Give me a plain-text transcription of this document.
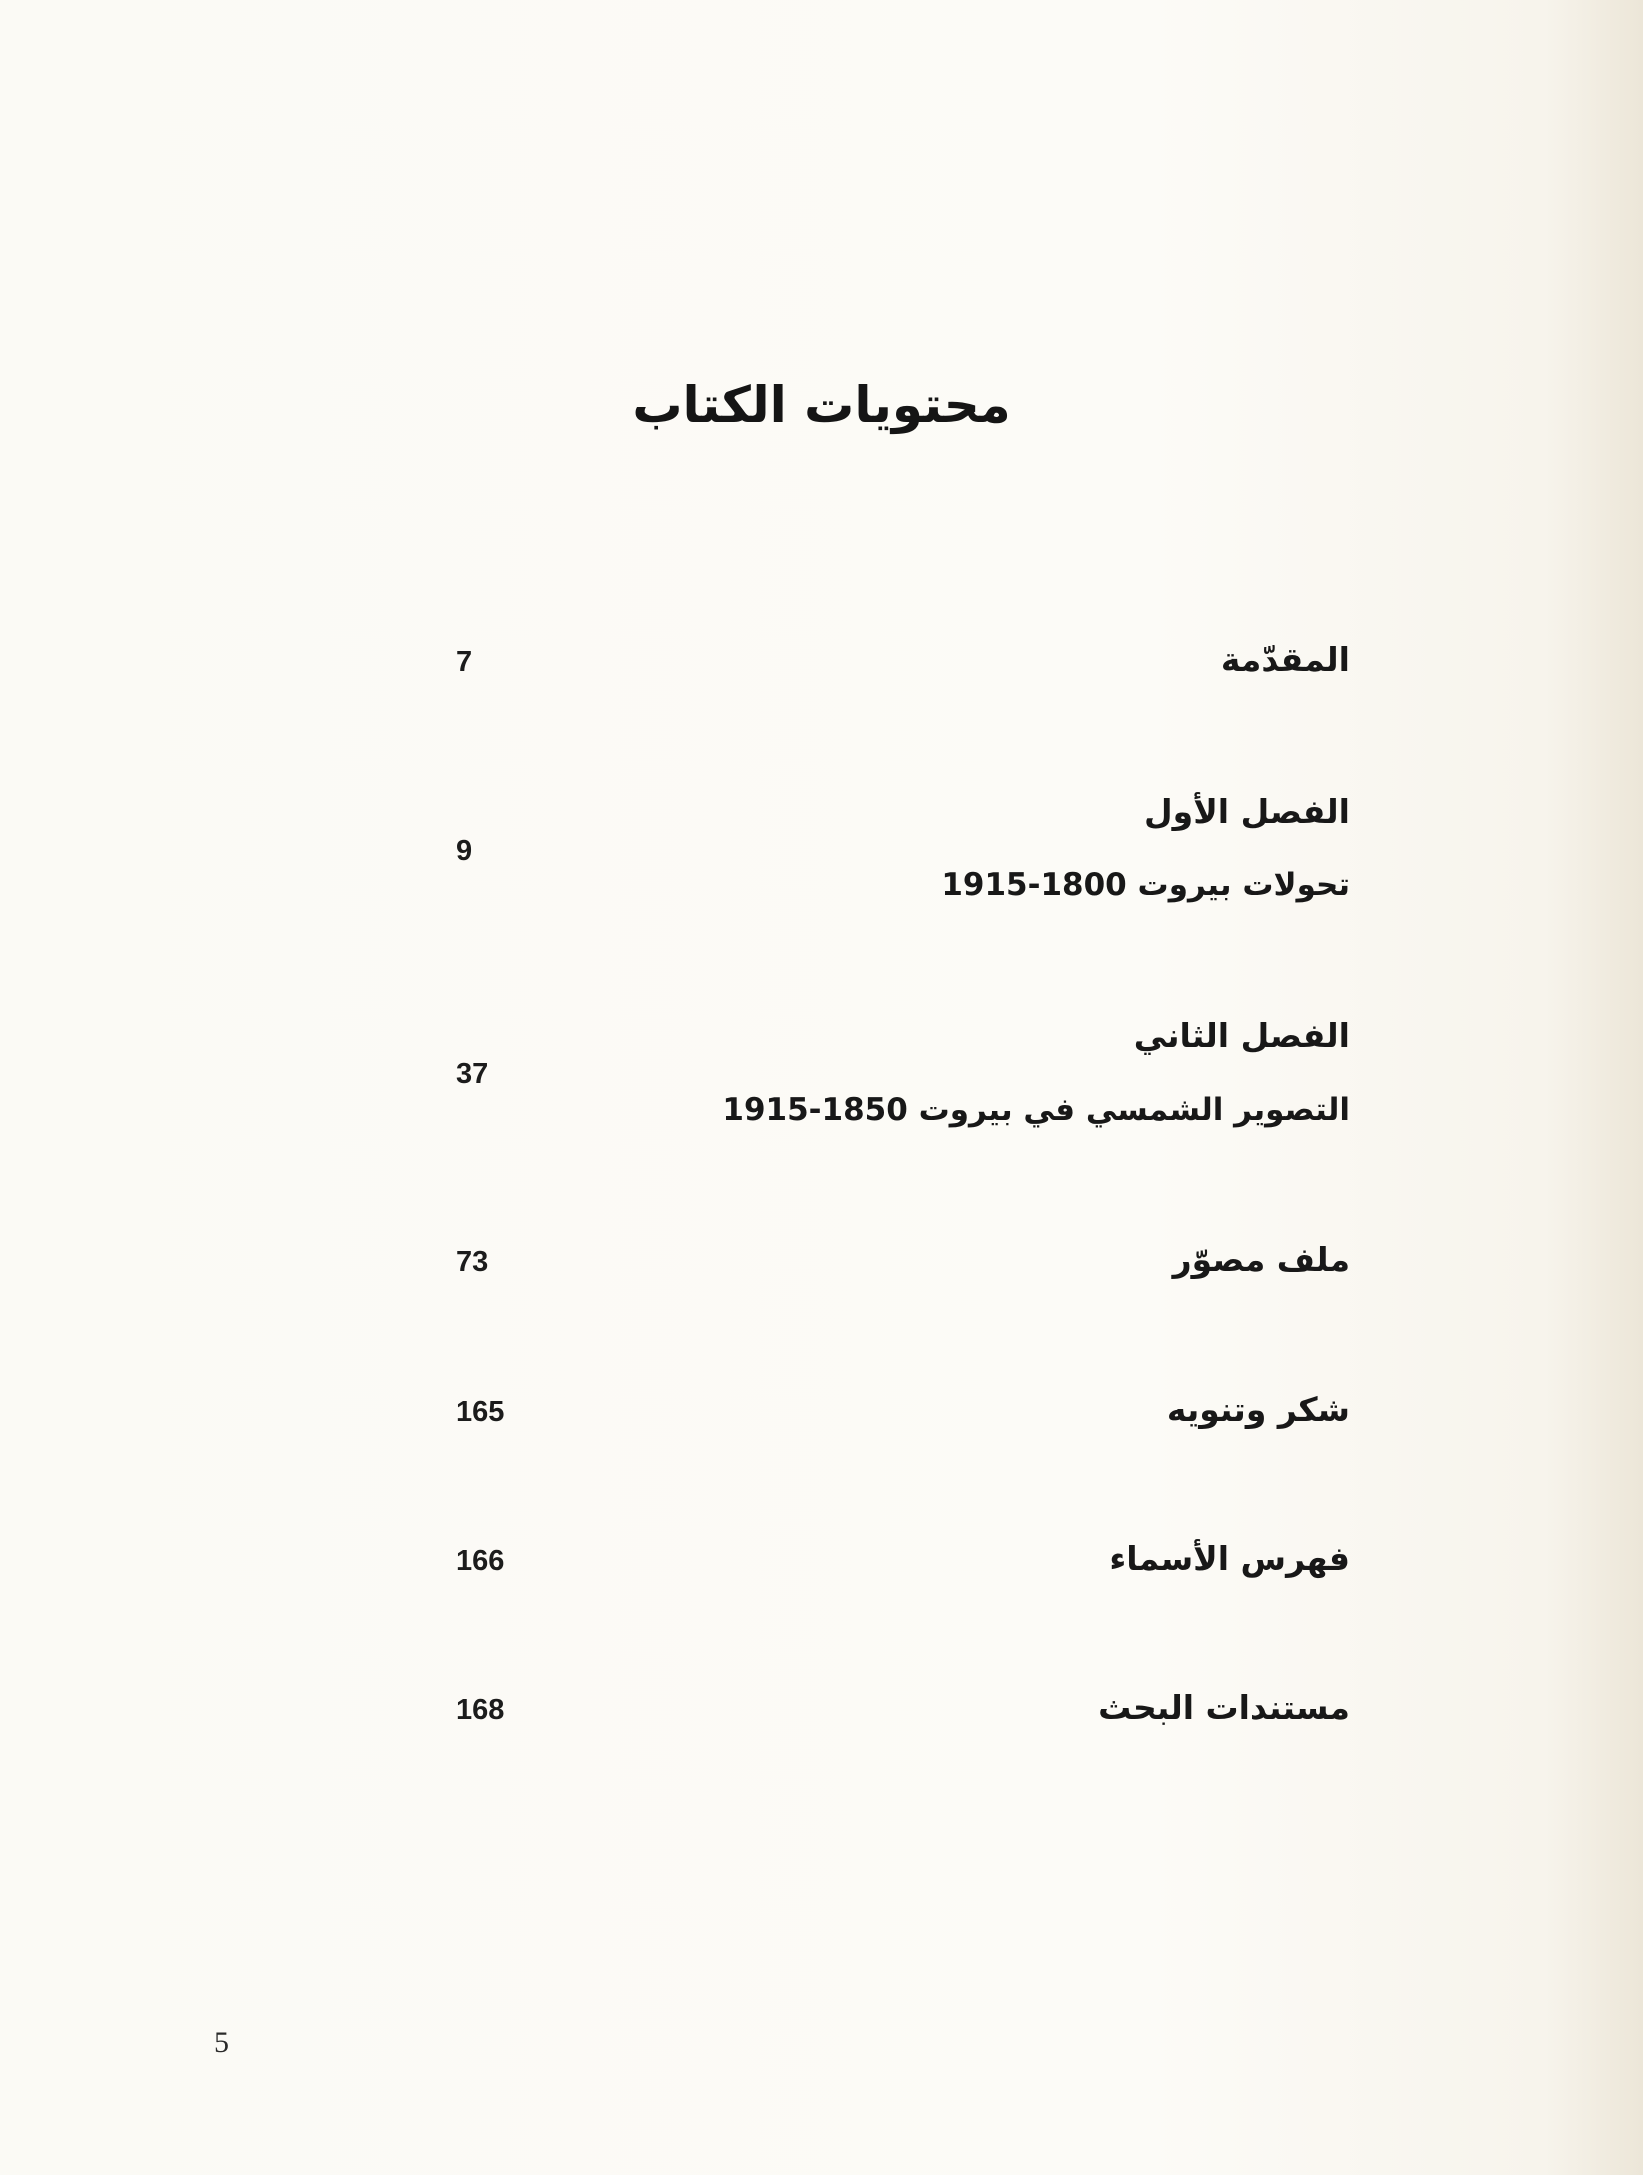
محتويات الكتاب
المقدّمة
7
الفصل الأول
تحولات بيروت 1800-1915
9
الفصل الثاني
التصوير الشمسي في بيروت 1850-1915
37
ملف مصوّر
73
شكر وتنويه
165
فهرس الأسماء
166
مستندات البحث
168
5
